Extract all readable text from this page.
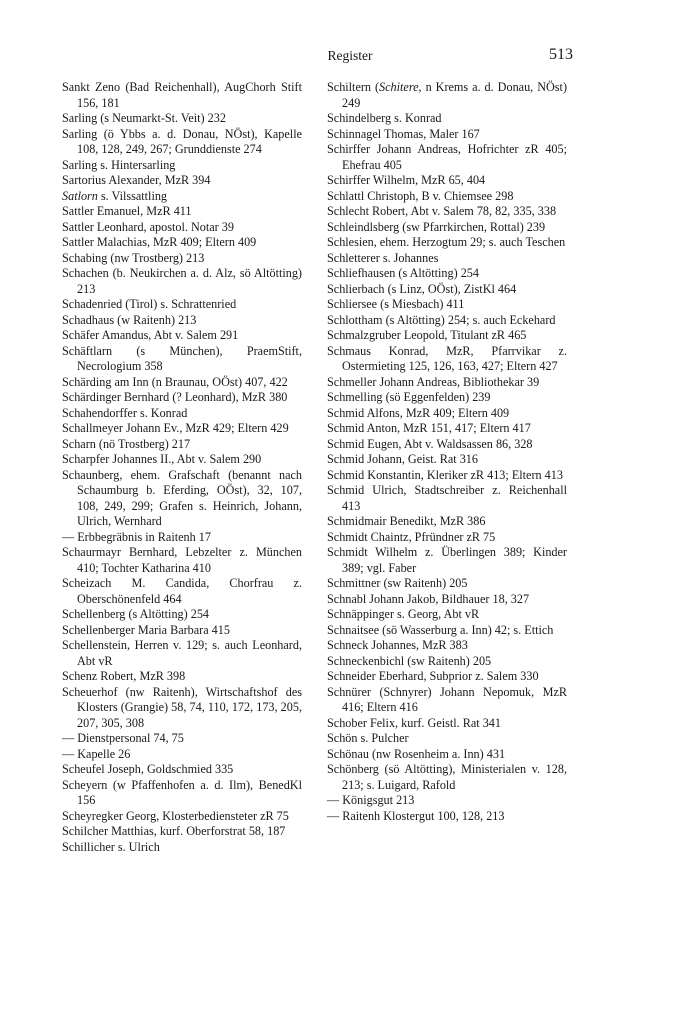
Register	513

Sankt Zeno (Bad Reichenhall), AugChorh Stift 156, 181

Sarling (s Neumarkt-St. Veit) 232

Sarling (ö Ybbs a. d. Donau, NÖst), Kapelle 108, 128, 249, 267; Grunddienste 274

Sarling s. Hintersarling

Sartorius Alexander, MzR 394

Satlorn s. Vilssattling

Sattler Emanuel, MzR 411

Sattler Leonhard, apostol. Notar 39

Sattler Malachias, MzR 409; Eltern 409

Schabing (nw Trostberg) 213

Schachen (b. Neukirchen a. d. Alz, sö Altötting) 213

Schadenried (Tirol) s. Schrattenried

Schadhaus (w Raitenh) 213

Schäfer Amandus, Abt v. Salem 291

Schäftlarn (s München), PraemStift, Necrologium 358

Schärding am Inn (n Braunau, OÖst) 407, 422

Schärdinger Bernhard (? Leonhard), MzR 380

Schahendorffer s. Konrad

Schallmeyer Johann Ev., MzR 429; Eltern 429

Scharn (nö Trostberg) 217

Scharpfer Johannes II., Abt v. Salem 290

Schaunberg, ehem. Grafschaft (benannt nach Schaumburg b. Eferding, OÖst), 32, 107, 108, 249, 299; Grafen s. Heinrich, Johann, Ulrich, Wernhard

— Erbbegräbnis in Raitenh 17

Schaurmayr Bernhard, Lebzelter z. München 410; Tochter Katharina 410

Scheizach M. Candida, Chorfrau z. Oberschönenfeld 464

Schellenberg (s Altötting) 254

Schellenberger Maria Barbara 415

Schellenstein, Herren v. 129; s. auch Leonhard, Abt vR

Schenz Robert, MzR 398

Scheuerhof (nw Raitenh), Wirtschaftshof des Klosters (Grangie) 58, 74, 110, 172, 173, 205, 207, 305, 308

— Dienstpersonal 74, 75

— Kapelle 26

Scheufel Joseph, Goldschmied 335

Scheyern (w Pfaffenhofen a. d. Ilm), BenedKl 156

Scheyregker Georg, Klosterbediensteter zR 75

Schilcher Matthias, kurf. Oberforstrat 58, 187

Schillicher s. Ulrich

Schiltern (Schitere, n Krems a. d. Donau, NÖst) 249

Schindelberg s. Konrad

Schinnagel Thomas, Maler 167

Schirffer Johann Andreas, Hofrichter zR 405; Ehefrau 405

Schirffer Wilhelm, MzR 65, 404

Schlattl Christoph, B v. Chiemsee 298

Schlecht Robert, Abt v. Salem 78, 82, 335, 338

Schleindlsberg (sw Pfarrkirchen, Rottal) 239

Schlesien, ehem. Herzogtum 29; s. auch Teschen

Schletterer s. Johannes

Schliefhausen (s Altötting) 254

Schlierbach (s Linz, OÖst), ZistKl 464

Schliersee (s Miesbach) 411

Schlottham (s Altötting) 254; s. auch Eckehard

Schmalzgruber Leopold, Titulant zR 465

Schmaus Konrad, MzR, Pfarrvikar z. Ostermieting 125, 126, 163, 427; Eltern 427

Schmeller Johann Andreas, Bibliothekar 39

Schmelling (sö Eggenfelden) 239

Schmid Alfons, MzR 409; Eltern 409

Schmid Anton, MzR 151, 417; Eltern 417

Schmid Eugen, Abt v. Waldsassen 86, 328

Schmid Johann, Geist. Rat 316

Schmid Konstantin, Kleriker zR 413; Eltern 413

Schmid Ulrich, Stadtschreiber z. Reichenhall 413

Schmidmair Benedikt, MzR 386

Schmidt Chaintz, Pfründner zR 75

Schmidt Wilhelm z. Überlingen 389; Kinder 389; vgl. Faber

Schmittner (sw Raitenh) 205

Schnabl Johann Jakob, Bildhauer 18, 327

Schnäppinger s. Georg, Abt vR

Schnaitsee (sö Wasserburg a. Inn) 42; s. Ettich

Schneck Johannes, MzR 383

Schneckenbichl (sw Raitenh) 205

Schneider Eberhard, Subprior z. Salem 330

Schnürer (Schnyrer) Johann Nepomuk, MzR 416; Eltern 416

Schober Felix, kurf. Geistl. Rat 341

Schön s. Pulcher

Schönau (nw Rosenheim a. Inn) 431

Schönberg (sö Altötting), Ministerialen v. 128, 213; s. Luigard, Rafold

— Königsgut 213

— Raitenh Klostergut 100, 128, 213
